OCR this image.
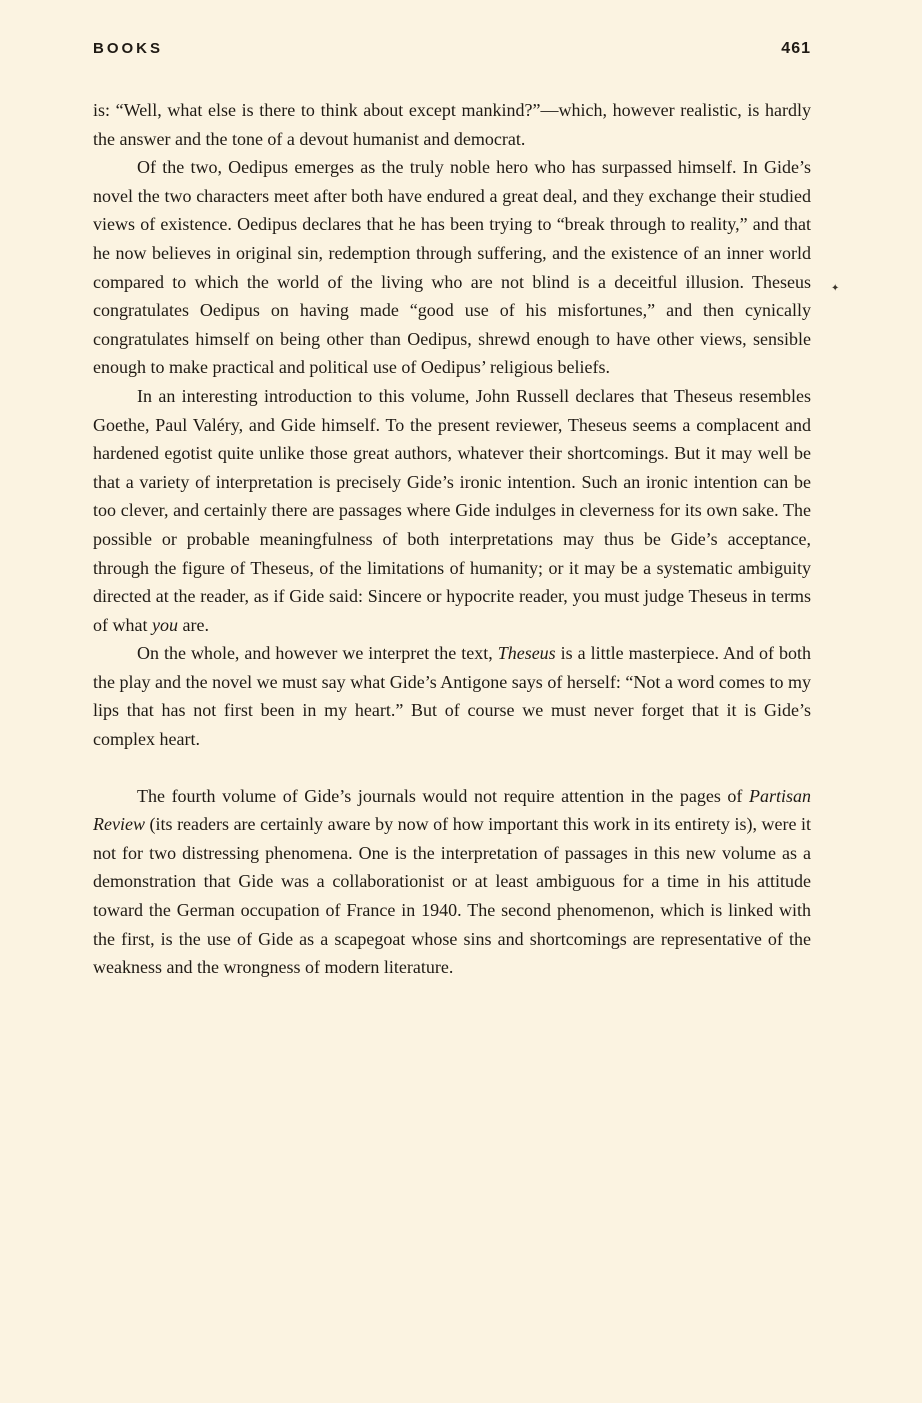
BOOKS	461

is: “Well, what else is there to think about except mankind?”—which, however realistic, is hardly the answer and the tone of a devout humanist and democrat.

Of the two, Oedipus emerges as the truly noble hero who has surpassed himself. In Gide’s novel the two characters meet after both have endured a great deal, and they exchange their studied views of existence. Oedipus declares that he has been trying to “break through to reality,” and that he now believes in original sin, redemption through suffering, and the existence of an inner world compared to which the world of the living who are not blind is a deceitful illusion. Theseus congratulates Oedipus on having made “good use of his misfortunes,” and then cynically congratulates himself on being other than Oedipus, shrewd enough to have other views, sensible enough to make practical and political use of Oedipus’ religious beliefs.

In an interesting introduction to this volume, John Russell declares that Theseus resembles Goethe, Paul Valéry, and Gide himself. To the present reviewer, Theseus seems a complacent and hardened egotist quite unlike those great authors, whatever their shortcomings. But it may well be that a variety of interpretation is precisely Gide’s ironic intention. Such an ironic intention can be too clever, and certainly there are passages where Gide indulges in cleverness for its own sake. The possible or probable meaningfulness of both interpretations may thus be Gide’s acceptance, through the figure of Theseus, of the limitations of humanity; or it may be a systematic ambiguity directed at the reader, as if Gide said: Sincere or hypocrite reader, you must judge Theseus in terms of what you are.

On the whole, and however we interpret the text, Theseus is a little masterpiece. And of both the play and the novel we must say what Gide’s Antigone says of herself: “Not a word comes to my lips that has not first been in my heart.” But of course we must never forget that it is Gide’s complex heart.

The fourth volume of Gide’s journals would not require attention in the pages of Partisan Review (its readers are certainly aware by now of how important this work in its entirety is), were it not for two distressing phenomena. One is the interpretation of passages in this new volume as a demonstration that Gide was a collaborationist or at least ambiguous for a time in his attitude toward the German occupation of France in 1940. The second phenomenon, which is linked with the first, is the use of Gide as a scapegoat whose sins and shortcomings are representative of the weakness and the wrongness of modern literature.

✦
